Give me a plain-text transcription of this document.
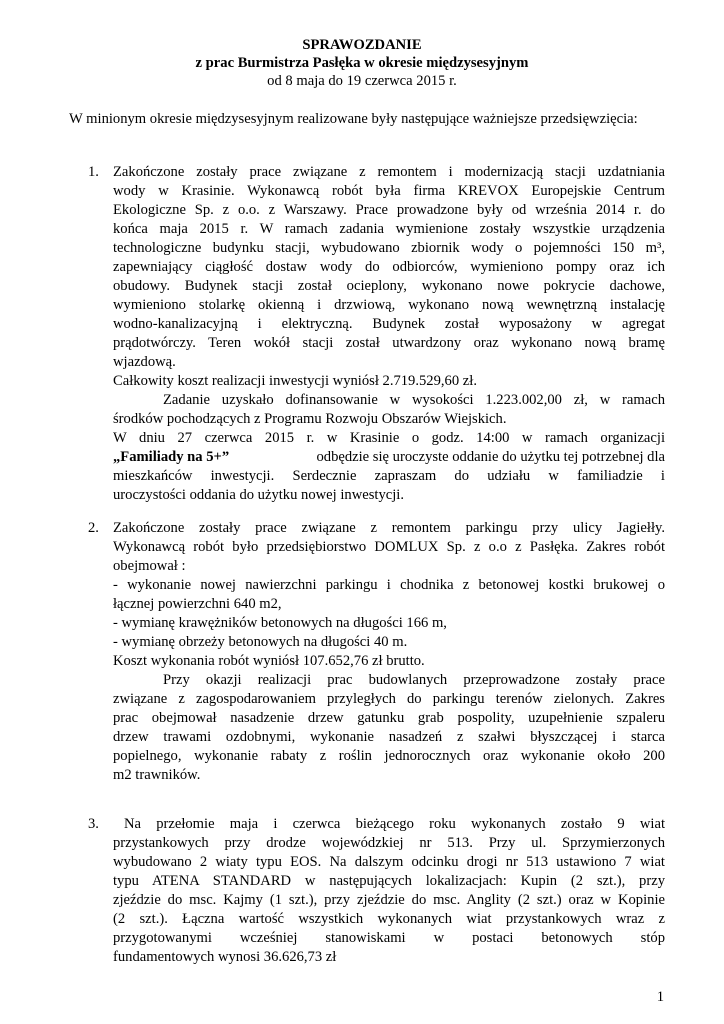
SPRAWOZDANIE
z prac Burmistrza Pasłęka w okresie międzysesyjnym
od 8 maja do 19 czerwca 2015 r.
W minionym okresie międzysesyjnym realizowane były następujące ważniejsze przedsięwzięcia:
1. Zakończone zostały prace związane z remontem i modernizacją stacji uzdatniania
wody w Krasinie. Wykonawcą robót była firma KREVOX Europejskie Centrum
Ekologiczne Sp. z o.o. z Warszawy. Prace prowadzone były od września 2014 r. do
końca maja 2015 r. W ramach zadania wymienione zostały wszystkie urządzenia
technologiczne budynku stacji, wybudowano zbiornik wody o pojemności 150 m³,
zapewniający ciągłość dostaw wody do odbiorców, wymieniono pompy oraz ich
obudowy. Budynek stacji został ocieplony, wykonano nowe pokrycie dachowe,
wymieniono stolarkę okienną i drzwiową, wykonano nową wewnętrzną instalację
wodno-kanalizacyjną i elektryczną. Budynek został wyposażony w agregat
prądotwórczy. Teren wokół stacji został utwardzony oraz wykonano nową bramę
wjazdową.
Całkowity koszt realizacji inwestycji wyniósł 2.719.529,60 zł.
Zadanie uzyskało dofinansowanie w wysokości 1.223.002,00 zł, w ramach
środków pochodzących z Programu Rozwoju Obszarów Wiejskich.
W dniu 27 czerwca 2015 r. w Krasinie o godz. 14:00 w ramach organizacji
„Familiady na 5+”	odbędzie się uroczyste oddanie do użytku tej potrzebnej dla
mieszkańców inwestycji. Serdecznie zapraszam do udziału w familiadzie i
uroczystości oddania do użytku nowej inwestycji.
2. Zakończone zostały prace związane z remontem parkingu przy ulicy Jagiełły.
Wykonawcą robót było przedsiębiorstwo DOMLUX Sp. z o.o z Pasłęka. Zakres robót
obejmował :
- wykonanie nowej nawierzchni parkingu i chodnika z betonowej kostki brukowej o
łącznej powierzchni 640 m2,
- wymianę krawężników betonowych na długości 166 m,
- wymianę obrzeży betonowych na długości 40 m.
Koszt wykonania robót wyniósł 107.652,76 zł brutto.
Przy okazji realizacji prac budowlanych przeprowadzone zostały prace
związane z zagospodarowaniem przyległych do parkingu terenów zielonych. Zakres
prac obejmował nasadzenie drzew gatunku grab pospolity, uzupełnienie szpaleru
drzew trawami ozdobnymi, wykonanie nasadzeń z szałwi błyszczącej i starca
popielnego, wykonanie rabaty z roślin jednorocznych oraz wykonanie około 200
m2 trawników.
3. Na przełomie maja i czerwca bieżącego roku wykonanych zostało 9 wiat
przystankowych przy drodze wojewódzkiej nr 513. Przy ul. Sprzymierzonych
wybudowano 2 wiaty typu EOS. Na dalszym odcinku drogi nr 513 ustawiono 7 wiat
typu ATENA STANDARD w następujących lokalizacjach: Kupin (2 szt.), przy
zjeździe do msc. Kajmy (1 szt.), przy zjeździe do msc. Anglity (2 szt.) oraz w Kopinie
(2 szt.). Łączna wartość wszystkich wykonanych wiat przystankowych wraz z
przygotowanymi wcześniej stanowiskami w postaci betonowych stóp
fundamentowych wynosi 36.626,73 zł
1
